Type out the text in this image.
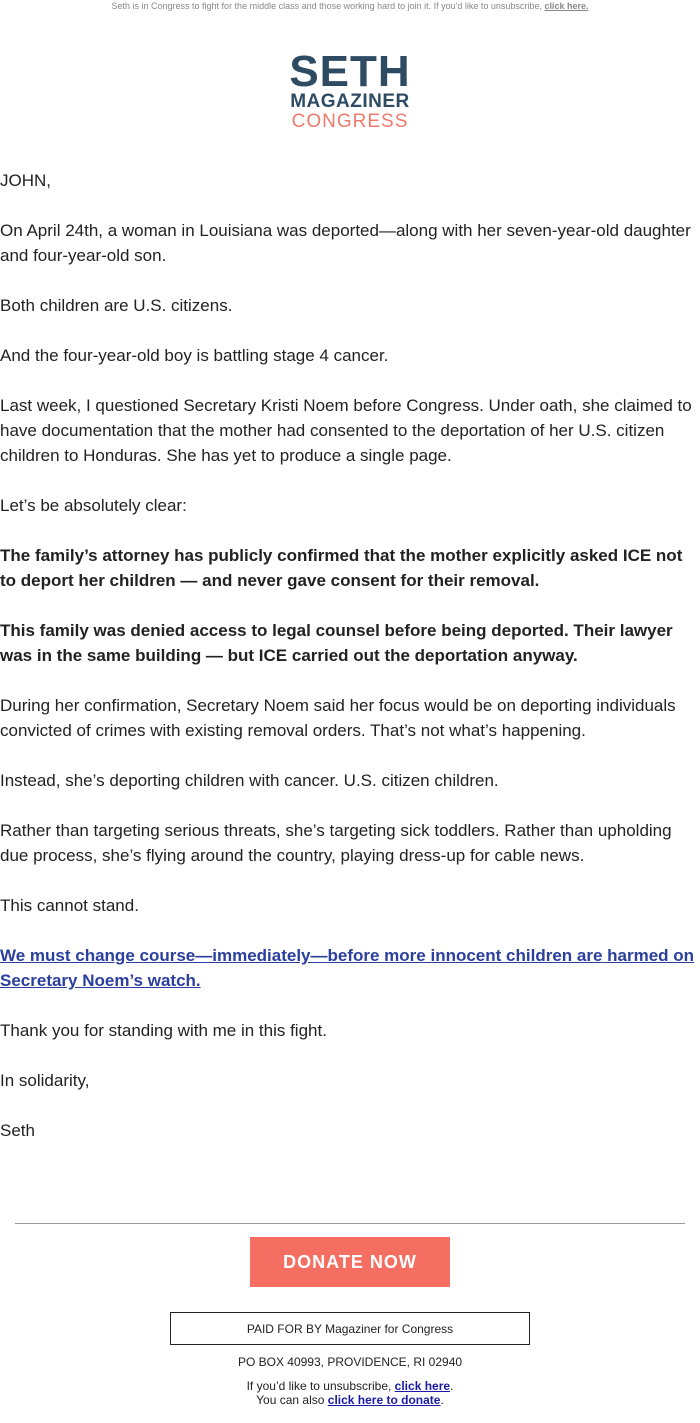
Seth is in Congress to fight for the middle class and those working hard to join it. If you'd like to unsubscribe, click here.
SETH
MAGAZINER
CONGRESS

JOHN,

On April 24th, a woman in Louisiana was deported—along with her seven-year-old daughter and four-year-old son.

Both children are U.S. citizens.

And the four-year-old boy is battling stage 4 cancer.

Last week, I questioned Secretary Kristi Noem before Congress. Under oath, she claimed to have documentation that the mother had consented to the deportation of her U.S. citizen children to Honduras. She has yet to produce a single page.

Let’s be absolutely clear:

The family’s attorney has publicly confirmed that the mother explicitly asked ICE not to deport her children — and never gave consent for their removal.

This family was denied access to legal counsel before being deported. Their lawyer was in the same building — but ICE carried out the deportation anyway.

During her confirmation, Secretary Noem said her focus would be on deporting individuals convicted of crimes with existing removal orders. That’s not what’s happening.

Instead, she’s deporting children with cancer. U.S. citizen children.

Rather than targeting serious threats, she’s targeting sick toddlers. Rather than upholding due process, she’s flying around the country, playing dress-up for cable news.

This cannot stand.

We must change course—immediately—before more innocent children are harmed on Secretary Noem’s watch.

Thank you for standing with me in this fight.

In solidarity,

Seth

DONATE NOW
PAID FOR BY Magaziner for Congress
PO BOX 40993, PROVIDENCE, RI 02940
If you’d like to unsubscribe, click here.
You can also click here to donate.
